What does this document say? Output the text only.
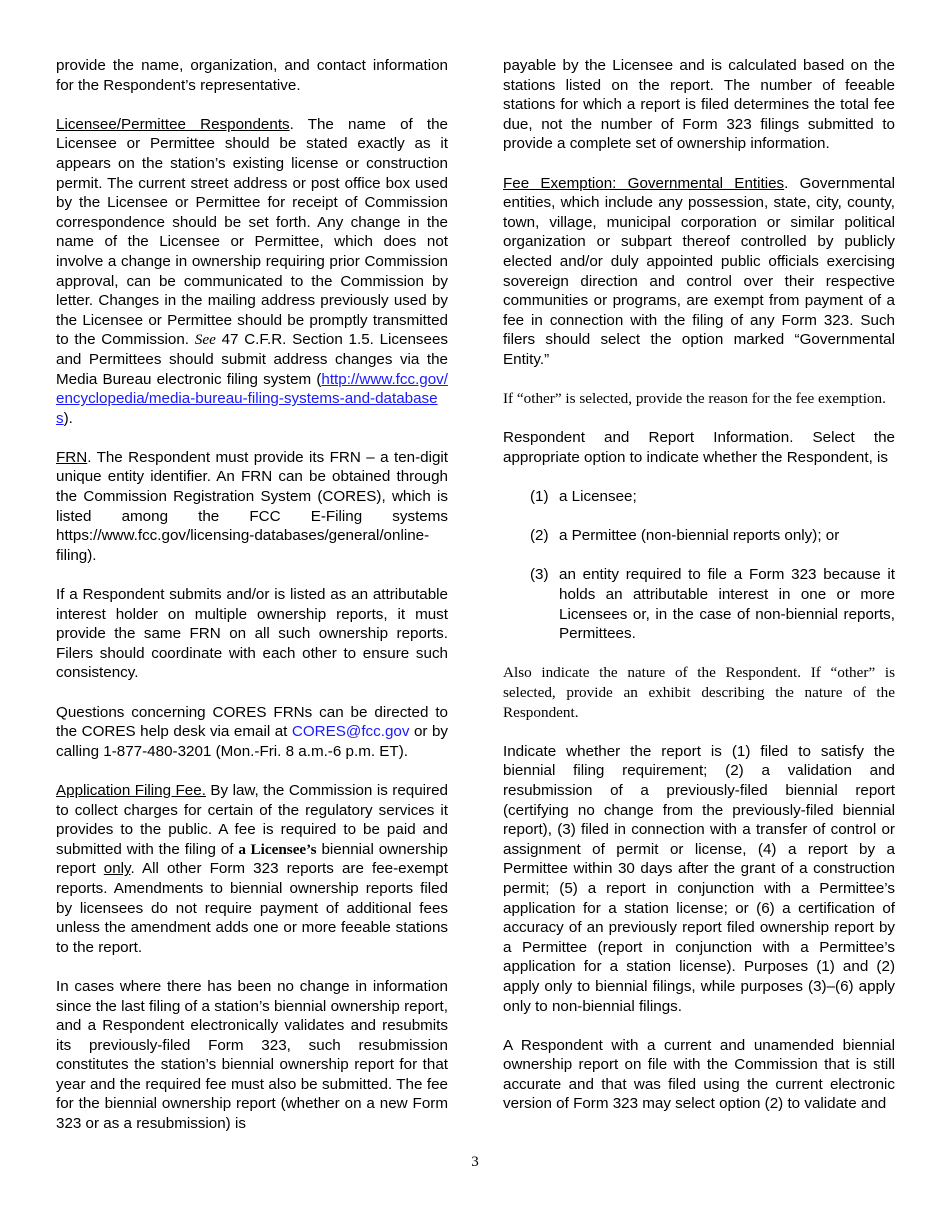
provide the name, organization, and contact information for the Respondent’s representative.

Licensee/Permittee Respondents. The name of the Licensee or Permittee should be stated exactly as it appears on the station’s existing license or construction permit. The current street address or post office box used by the Licensee or Permittee for receipt of Commission correspondence should be set forth. Any change in the name of the Licensee or Permittee, which does not involve a change in ownership requiring prior Commission approval, can be communicated to the Commission by letter. Changes in the mailing address previously used by the Licensee or Permittee should be promptly transmitted to the Commission. See 47 C.F.R. Section 1.5. Licensees and Permittees should submit address changes via the Media Bureau electronic filing system (http://www.fcc.gov/encyclopedia/media-bureau-filing-systems-and-databases).

FRN. The Respondent must provide its FRN – a ten-digit unique entity identifier. An FRN can be obtained through the Commission Registration System (CORES), which is listed among the FCC E-Filing systems https://www.fcc.gov/licensing-databases/general/online-filing).

If a Respondent submits and/or is listed as an attributable interest holder on multiple ownership reports, it must provide the same FRN on all such ownership reports. Filers should coordinate with each other to ensure such consistency.

Questions concerning CORES FRNs can be directed to the CORES help desk via email at CORES@fcc.gov or by calling 1-877-480-3201 (Mon.-Fri. 8 a.m.-6 p.m. ET).

Application Filing Fee. By law, the Commission is required to collect charges for certain of the regulatory services it provides to the public. A fee is required to be paid and submitted with the filing of a Licensee’s biennial ownership report only. All other Form 323 reports are fee-exempt reports. Amendments to biennial ownership reports filed by licensees do not require payment of additional fees unless the amendment adds one or more feeable stations to the report.

In cases where there has been no change in information since the last filing of a station’s biennial ownership report, and a Respondent electronically validates and resubmits its previously-filed Form 323, such resubmission constitutes the station’s biennial ownership report for that year and the required fee must also be submitted. The fee for the biennial ownership report (whether on a new Form 323 or as a resubmission) is

payable by the Licensee and is calculated based on the stations listed on the report. The number of feeable stations for which a report is filed determines the total fee due, not the number of Form 323 filings submitted to provide a complete set of ownership information.

Fee Exemption: Governmental Entities. Governmental entities, which include any possession, state, city, county, town, village, municipal corporation or similar political organization or subpart thereof controlled by publicly elected and/or duly appointed public officials exercising sovereign direction and control over their respective communities or programs, are exempt from payment of a fee in connection with the filing of any Form 323. Such filers should select the option marked “Governmental Entity.”

If “other” is selected, provide the reason for the fee exemption.

Respondent and Report Information. Select the appropriate option to indicate whether the Respondent, is

(1) a Licensee;
(2) a Permittee (non-biennial reports only); or
(3) an entity required to file a Form 323 because it holds an attributable interest in one or more Licensees or, in the case of non-biennial reports, Permittees.

Also indicate the nature of the Respondent. If “other” is selected, provide an exhibit describing the nature of the Respondent.

Indicate whether the report is (1) filed to satisfy the biennial filing requirement; (2) a validation and resubmission of a previously-filed biennial report (certifying no change from the previously-filed biennial report), (3) filed in connection with a transfer of control or assignment of permit or license, (4) a report by a Permittee within 30 days after the grant of a construction permit; (5) a report in conjunction with a Permittee’s application for a station license; or (6) a certification of accuracy of an previously report filed ownership report by a Permittee (report in conjunction with a Permittee’s application for a station license). Purposes (1) and (2) apply only to biennial filings, while purposes (3)–(6) apply only to non-biennial filings.

A Respondent with a current and unamended biennial ownership report on file with the Commission that is still accurate and that was filed using the current electronic version of Form 323 may select option (2) to validate and

3
